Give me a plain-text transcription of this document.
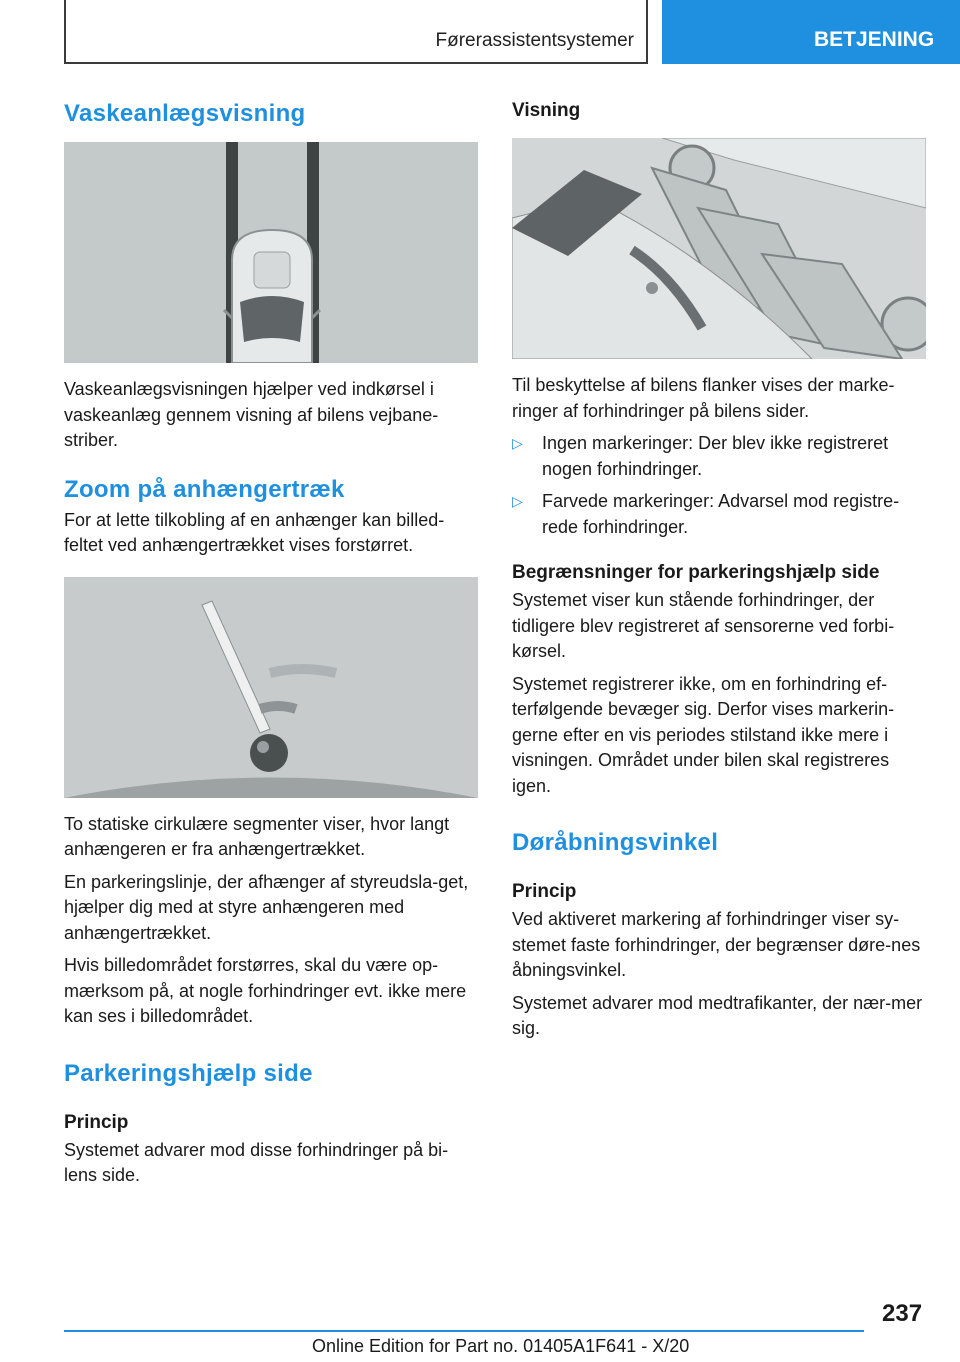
Førerassistentsystemer	BETJENING
Vaskeanlægsvisning

Vaskeanlægsvisningen hjælper ved indkørsel i vaskeanlæg gennem visning af bilens vejbane-striber.

Zoom på anhængertræk

For at lette tilkobling af en anhænger kan billed-feltet ved anhængertrækket vises forstørret.

To statiske cirkulære segmenter viser, hvor langt anhængeren er fra anhængertrækket.

En parkeringslinje, der afhænger af styreudsla-get, hjælper dig med at styre anhængeren med anhængertrækket.

Hvis billedområdet forstørres, skal du være op-mærksom på, at nogle forhindringer evt. ikke mere kan ses i billedområdet.

Parkeringshjælp side
Princip

Systemet advarer mod disse forhindringer på bi-lens side.

Visning

Til beskyttelse af bilens flanker vises der marke-ringer af forhindringer på bilens sider.

▷ Ingen markeringer: Der blev ikke registreret nogen forhindringer.
▷ Farvede markeringer: Advarsel mod registre-rede forhindringer.
Begrænsninger for parkeringshjælp side

Systemet viser kun stående forhindringer, der tidligere blev registreret af sensorerne ved forbi-kørsel.

Systemet registrerer ikke, om en forhindring ef-terfølgende bevæger sig. Derfor vises markerin-gerne efter en vis periodes stilstand ikke mere i visningen. Området under bilen skal registreres igen.

Døråbningsvinkel
Princip

Ved aktiveret markering af forhindringer viser sy-stemet faste forhindringer, der begrænser døre-nes åbningsvinkel.

Systemet advarer mod medtrafikanter, der nær-mer sig.

237
Online Edition for Part no. 01405A1F641 - X/20
